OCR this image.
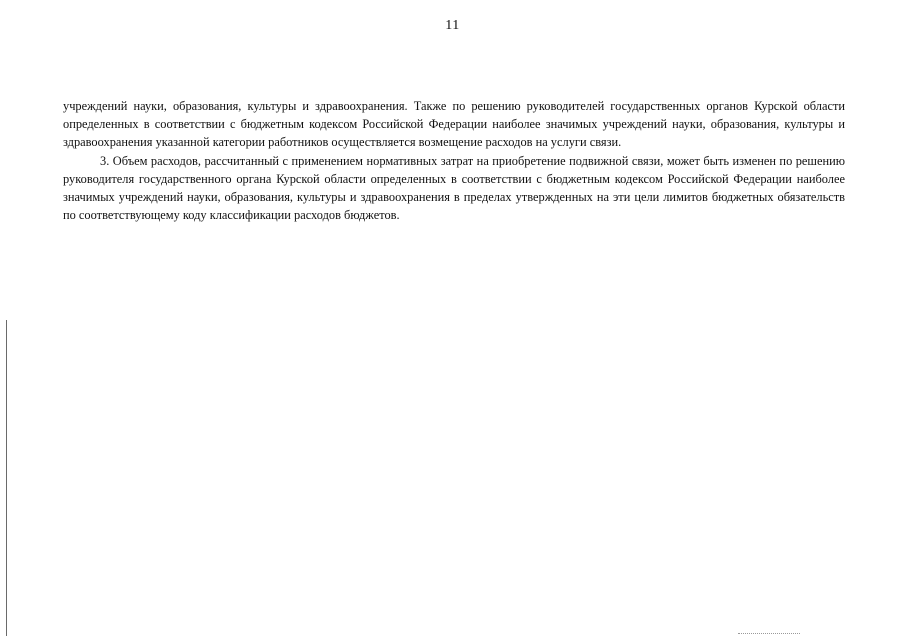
11

учреждений науки, образования, культуры и здравоохранения. Также по решению руководителей государственных органов Курской области определенных в соответствии с бюджетным кодексом Российской Федерации наиболее значимых учреждений науки, образования, культуры и здравоохранения указанной категории работников осуществляется возмещение расходов на услуги связи.

3. Объем расходов, рассчитанный с применением нормативных затрат на приобретение подвижной связи, может быть изменен по решению руководителя государственного органа Курской области определенных в соответствии с бюджетным кодексом Российской Федерации наиболее значимых учреждений науки, образования, культуры и здравоохранения в пределах утвержденных на эти цели лимитов бюджетных обязательств по соответствующему коду классификации расходов бюджетов.
